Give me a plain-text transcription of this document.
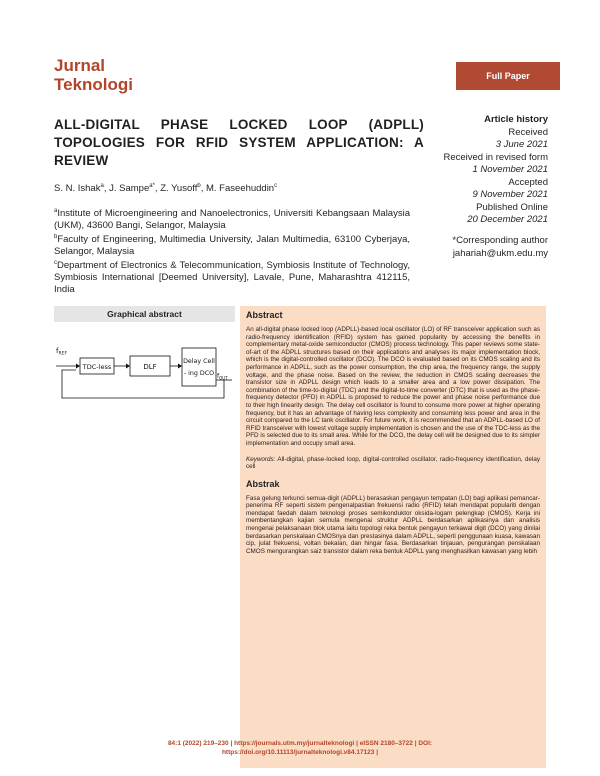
Jurnal
Teknologi	Full Paper
ALL-DIGITAL PHASE LOCKED LOOP (ADPLL) TOPOLOGIES FOR RFID SYSTEM APPLICATION: A REVIEW
S. N. Ishak$^a$, J. Sampe$^{a*}$, Z. Yusoff$^b$, M. Faseehuddin$^c$

$^a$Institute of Microengineering and Nanoelectronics, Universiti Kebangsaan Malaysia (UKM), 43600 Bangi, Selangor, Malaysia

$^b$Faculty of Engineering, Multimedia University, Jalan Multimedia, 63100 Cyberjaya, Selangor, Malaysia

$^c$Department of Electronics & Telecommunication, Symbiosis Institute of Technology, Symbiosis International [Deemed University], Lavale, Pune, Maharashtra 412115, India

Article history
Received
3 June 2021
Received in revised form
1 November 2021
Accepted
9 November 2021
Published Online
20 December 2021
*Corresponding author
jahariah@ukm.edu.my
Graphical abstract
$f_{REF}$
TDC-less	DLF
Delay Cell
- ing DCO $f_{OUT}$
Abstract
An all-digital phase locked loop (ADPLL)-based local oscillator (LO) of RF transceiver application such as radio-frequency identification (RFID) system has gained popularity by accessing the benefits in complementary metal-oxide semiconductor (CMOS) process technology. This paper reviews some state-of-art of the ADPLL structures based on their applications and analyses its major implementation block, which is the digital-controlled oscillator (DCO). The DCO is evaluated based on its CMOS scaling and its performance in ADPLL, such as the power consumption, the chip area, the frequency range, the supply voltage, and the phase noise. Based on the review, the reduction in CMOS scaling decreases the transistor size in ADPLL design which leads to a smaller area and a low power dissipation. The combination of the time-to-digital (TDC) and the digital-to-time converter (DTC) that is used as the phase-frequency detector (PFD) in ADPLL is proposed to reduce the power and phase noise performance due to their high linearity design. The delay cell oscillator is found to consume more power at higher operating frequency, but it has an advantage of having less complexity and consuming less power and area in the circuit compared to the LC tank oscillator. For future work, it is recommended that an ADPLL-based LO of RFID transceiver with lowest voltage supply implementation is chosen and the use of the TDC-less as the PFD is selected due to its small area. While for the DCO, the delay cell will be designed due to its simpler implementation and occupy small area.
Keywords: All-digital, phase-locked loop, digital-controlled oscillator, radio-frequency identification, delay cell
Abstrak
Fasa gelung terkunci semua-digit (ADPLL) berasaskan pengayun tempatan (LO) bagi aplikasi pemancar-penerima RF seperti sistem pengenalpastian frekuensi radio (RFID) telah mendapat populariti dengan mendapat faedah dalam teknologi proses semikonduktor oksida-logam pelengkap (CMOS). Kerja ini membentangkan kajian semula mengenai struktur ADPLL berdasarkan aplikasinya dan analisis mengenai pelaksanaan blok utama iaitu topologi reka bentuk pengayun terkawal digit (DCO) yang dinilai berdasarkan penskalaan CMOSnya dan prestasinya dalam ADPLL, seperti penggunaan kuasa, kawasan cip, julat frekuensi, voltan bekalan, dan hingar fasa. Berdasarkan tinjauan, pengurangan penskalaan CMOS mengurangkan saiz transistor dalam reka bentuk ADPLL yang menghasilkan kawasan yang lebih
84:1 (2022) 219–230 | https://journals.utm.my/jurnalteknologi | eISSN 2180–3722 | DOI:
https://doi.org/10.11113/jurnalteknologi.v84.17123 |
